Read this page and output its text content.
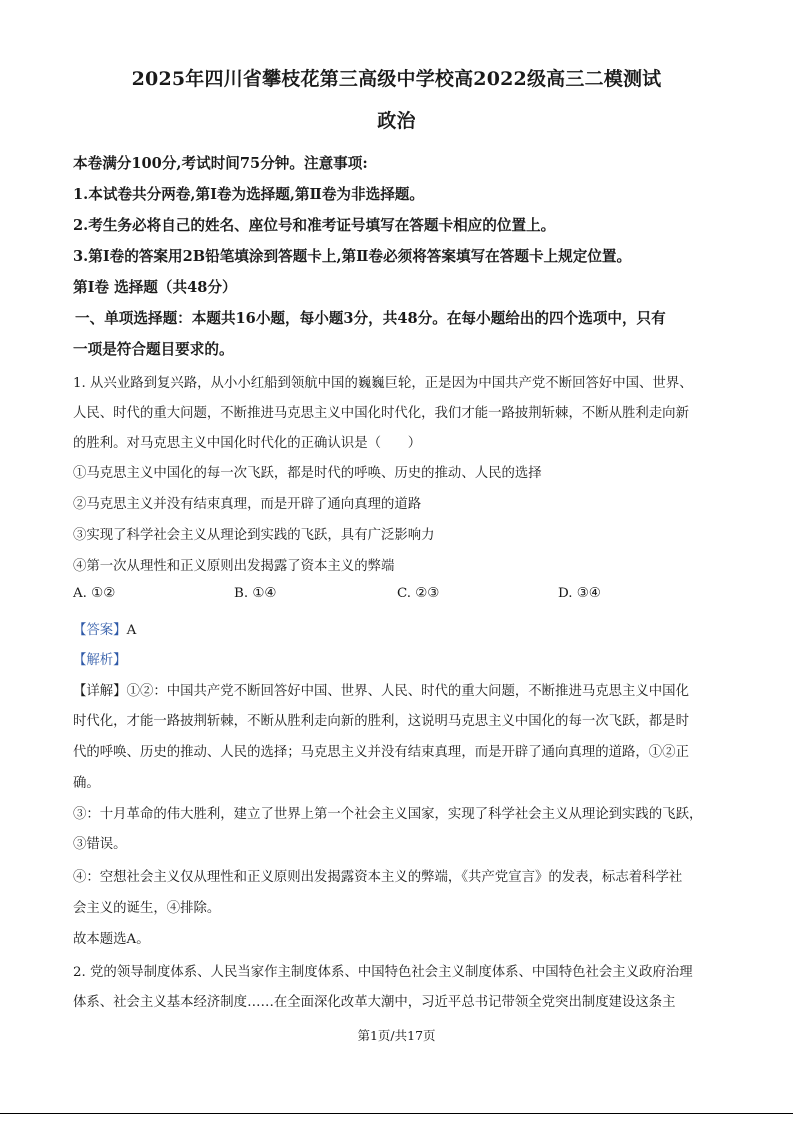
2025年四川省攀枝花第三高级中学校高2022级高三二模测试
政治
本卷满分100分,考试时间75分钟。注意事项:
1.本试卷共分两卷,第Ⅰ卷为选择题,第Ⅱ卷为非选择题。
2.考生务必将自己的姓名、座位号和准考证号填写在答题卡相应的位置上。
3.第Ⅰ卷的答案用2B铅笔填涂到答题卡上,第Ⅱ卷必须将答案填写在答题卡上规定位置。
第Ⅰ卷 选择题（共48分）
一、单项选择题：本题共16小题，每小题3分，共48分。在每小题给出的四个选项中，只有
一项是符合题目要求的。
1. 从兴业路到复兴路，从小小红船到领航中国的巍巍巨轮，正是因为中国共产党不断回答好中国、世界、
人民、时代的重大问题，不断推进马克思主义中国化时代化，我们才能一路披荆斩棘，不断从胜利走向新
的胜利。对马克思主义中国化时代化的正确认识是（　　）
①马克思主义中国化的每一次飞跃，都是时代的呼唤、历史的推动、人民的选择
②马克思主义并没有结束真理，而是开辟了通向真理的道路
③实现了科学社会主义从理论到实践的飞跃，具有广泛影响力
④第一次从理性和正义原则出发揭露了资本主义的弊端
A. ①②	B. ①④	C. ②③	D. ③④
【答案】A
【解析】
【详解】①②：中国共产党不断回答好中国、世界、人民、时代的重大问题，不断推进马克思主义中国化
时代化，才能一路披荆斩棘，不断从胜利走向新的胜利，这说明马克思主义中国化的每一次飞跃，都是时
代的呼唤、历史的推动、人民的选择；马克思主义并没有结束真理，而是开辟了通向真理的道路，①②正
确。
③：十月革命的伟大胜利，建立了世界上第一个社会主义国家，实现了科学社会主义从理论到实践的飞跃，
③错误。
④：空想社会主义仅从理性和正义原则出发揭露资本主义的弊端，《共产党宣言》的发表，标志着科学社
会主义的诞生，④排除。
故本题选A。
2. 党的领导制度体系、人民当家作主制度体系、中国特色社会主义制度体系、中国特色社会主义政府治理
体系、社会主义基本经济制度……在全面深化改革大潮中，习近平总书记带领全党突出制度建设这条主
第1页/共17页
